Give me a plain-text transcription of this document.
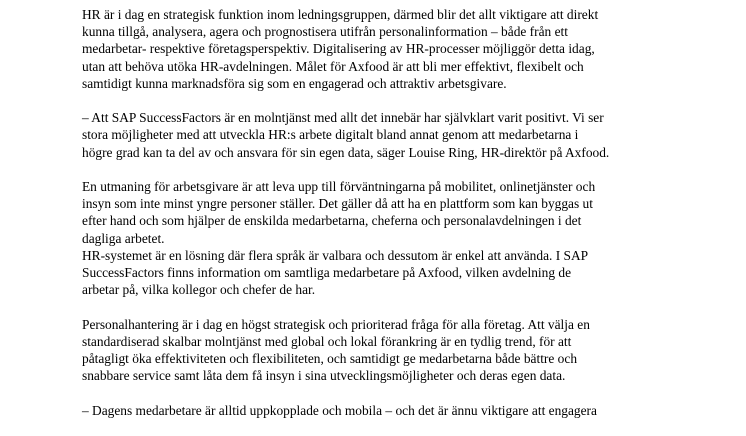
HR är i dag en strategisk funktion inom ledningsgruppen, därmed blir det allt viktigare att direkt
kunna tillgå, analysera, agera och prognostisera utifrån personalinformation – både från ett
medarbetar- respektive företagsperspektiv. Digitalisering av HR-processer möjliggör detta idag,
utan att behöva utöka HR-avdelningen. Målet för Axfood är att bli mer effektivt, flexibelt och
samtidigt kunna marknadsföra sig som en engagerad och attraktiv arbetsgivare.
– Att SAP SuccessFactors är en molntjänst med allt det innebär har självklart varit positivt. Vi ser
stora möjligheter med att utveckla HR:s arbete digitalt bland annat genom att medarbetarna i
högre grad kan ta del av och ansvara för sin egen data, säger Louise Ring, HR-direktör på Axfood.
En utmaning för arbetsgivare är att leva upp till förväntningarna på mobilitet, onlinetjänster och
insyn som inte minst yngre personer ställer. Det gäller då att ha en plattform som kan byggas ut
efter hand och som hjälper de enskilda medarbetarna, cheferna och personalavdelningen i det
dagliga arbetet.
HR-systemet är en lösning där flera språk är valbara och dessutom är enkel att använda. I SAP
SuccessFactors finns information om samtliga medarbetare på Axfood, vilken avdelning de
arbetar på, vilka kollegor och chefer de har.
Personalhantering är i dag en högst strategisk och prioriterad fråga för alla företag. Att välja en
standardiserad skalbar molntjänst med global och lokal förankring är en tydlig trend, för att
påtagligt öka effektiviteten och flexibiliteten, och samtidigt ge medarbetarna både bättre och
snabbare service samt låta dem få insyn i sina utvecklingsmöjligheter och deras egen data.
– Dagens medarbetare är alltid uppkopplade och mobila – och det är ännu viktigare att engagera
